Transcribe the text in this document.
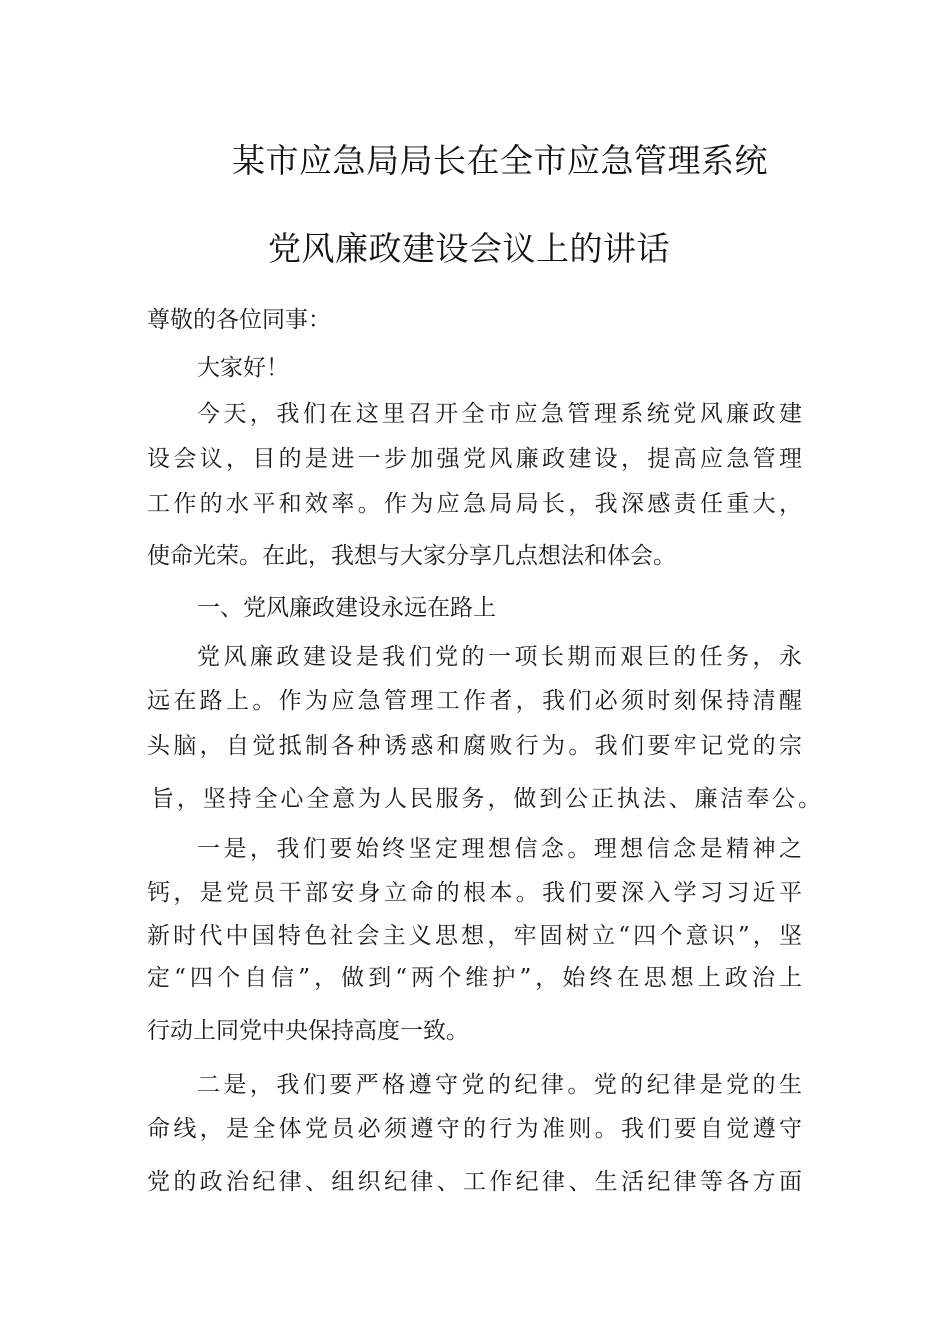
某市应急局局长在全市应急管理系统
党风廉政建设会议上的讲话
尊敬的各位同事：
大家好！
今天，我们在这里召开全市应急管理系统党风廉政建
设会议，目的是进一步加强党风廉政建设，提高应急管理
工作的水平和效率。作为应急局局长，我深感责任重大，
使命光荣。在此，我想与大家分享几点想法和体会。
一、党风廉政建设永远在路上
党风廉政建设是我们党的一项长期而艰巨的任务，永
远在路上。作为应急管理工作者，我们必须时刻保持清醒
头脑，自觉抵制各种诱惑和腐败行为。我们要牢记党的宗
旨，坚持全心全意为人民服务，做到公正执法、廉洁奉公。
一是，我们要始终坚定理想信念。理想信念是精神之
钙，是党员干部安身立命的根本。我们要深入学习习近平
新时代中国特色社会主义思想，牢固树立“四个意识”，坚
定“四个自信”，做到“两个维护”，始终在思想上政治上
行动上同党中央保持高度一致。
二是，我们要严格遵守党的纪律。党的纪律是党的生
命线，是全体党员必须遵守的行为准则。我们要自觉遵守
党的政治纪律、组织纪律、工作纪律、生活纪律等各方面
